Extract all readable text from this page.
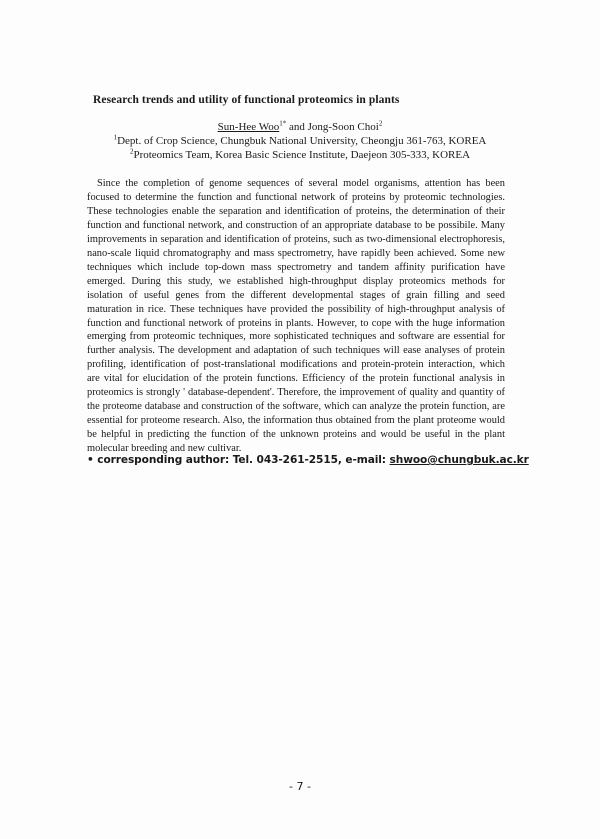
Research trends and utility of functional proteomics in plants
Sun-Hee Woo$^{1*}$ and Jong-Soon Choi$^2$
$^1$Dept. of Crop Science, Chungbuk National University, Cheongju 361-763, KOREA
$^2$Proteomics Team, Korea Basic Science Institute, Daejeon 305-333, KOREA

Since the completion of genome sequences of several model organisms, attention has been focused to determine the function and functional network of proteins by proteomic technologies. These technologies enable the separation and identification of proteins, the determination of their function and functional network, and construction of an appropriate database to be possibile. Many improvements in separation and identification of proteins, such as two-dimensional electrophoresis, nano-scale liquid chromatography and mass spectrometry, have rapidly been achieved. Some new techniques which include top-down mass spectrometry and tandem affinity purification have emerged. During this study, we established high-throughput display proteomics methods for isolation of useful genes from the different developmental stages of grain filling and seed maturation in rice. These techniques have provided the possibility of high-throughput analysis of function and functional network of proteins in plants. However, to cope with the huge information emerging from proteomic techniques, more sophisticated techniques and software are essential for further analysis. The development and adaptation of such techniques will ease analyses of protein profiling, identification of post-translational modifications and protein-protein interaction, which are vital for elucidation of the protein functions. Efficiency of the protein functional analysis in proteomics is strongly ' database-dependent'. Therefore, the improvement of quality and quantity of the proteome database and construction of the software, which can analyze the protein function, are essential for proteome research. Also, the information thus obtained from the plant proteome would be helpful in predicting the function of the unknown proteins and would be useful in the plant molecular breeding and new cultivar.

• corresponding author: Tel. 043-261-2515, e-mail: shwoo@chungbuk.ac.kr
- 7 -
